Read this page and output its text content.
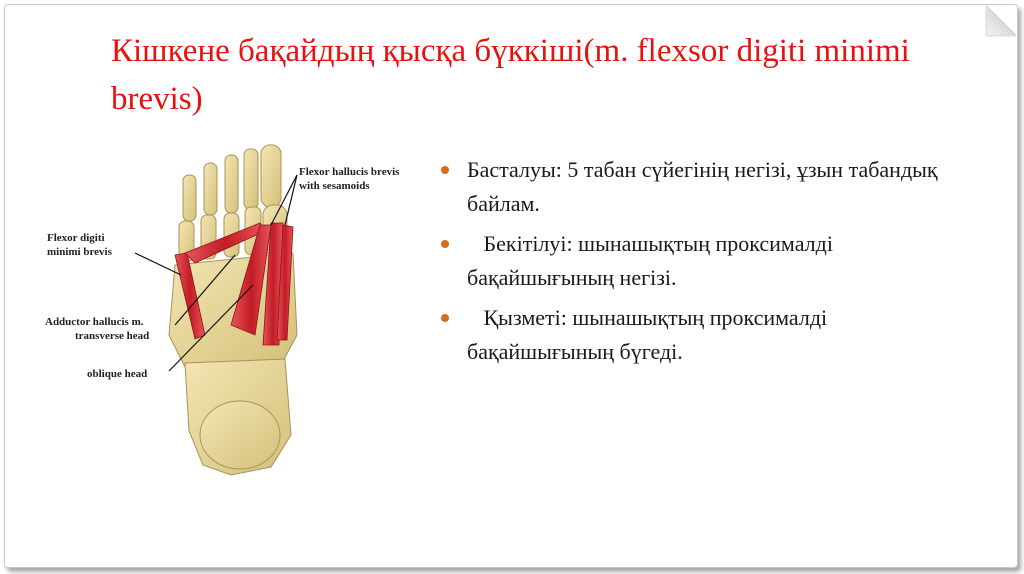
Кішкене бақайдың қысқа бүккіші(m. flexsor digiti minimi brevis)
Flexor hallucis brevis
with sesamoids
Flexor digiti
minimi brevis
Adductor hallucis m.
transverse head
oblique head
Басталуы: 5 табан сүйегінің негізі, ұзын табандық байлам.
Бекітілуі: шынашықтың проксималді бақайшығының негізі.
Қызметі: шынашықтың проксималді бақайшығының бүгеді.
